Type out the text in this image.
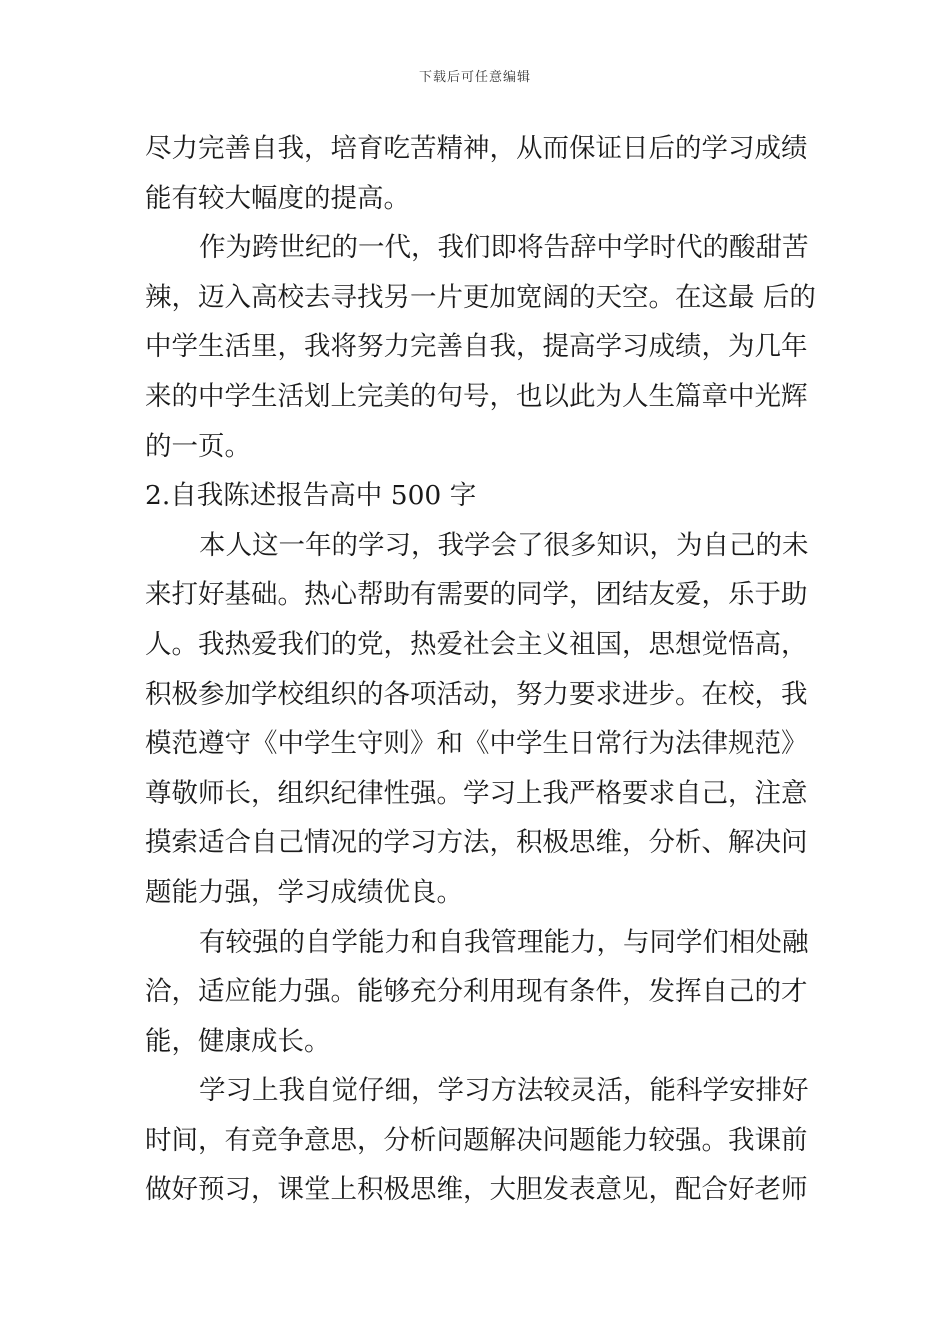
下载后可任意编辑
尽力完善自我，培育吃苦精神，从而保证日后的学习成绩
能有较大幅度的提高。
作为跨世纪的一代，我们即将告辞中学时代的酸甜苦
辣，迈入高校去寻找另一片更加宽阔的天空。在这最 后的
中学生活里，我将努力完善自我，提高学习成绩，为几年
来的中学生活划上完美的句号，也以此为人生篇章中光辉
的一页。
2.自我陈述报告高中 500 字
本人这一年的学习，我学会了很多知识，为自己的未
来打好基础。热心帮助有需要的同学，团结友爱，乐于助
人。我热爱我们的党，热爱社会主义祖国，思想觉悟高，
积极参加学校组织的各项活动，努力要求进步。在校，我
模范遵守《中学生守则》和《中学生日常行为法律规范》
尊敬师长，组织纪律性强。学习上我严格要求自己，注意
摸索适合自己情况的学习方法，积极思维，分析、解决问
题能力强，学习成绩优良。
有较强的自学能力和自我管理能力，与同学们相处融
洽，适应能力强。能够充分利用现有条件，发挥自己的才
能，健康成长。
学习上我自觉仔细，学习方法较灵活，能科学安排好
时间，有竞争意思，分析问题解决问题能力较强。我课前
做好预习，课堂上积极思维，大胆发表意见，配合好老师
